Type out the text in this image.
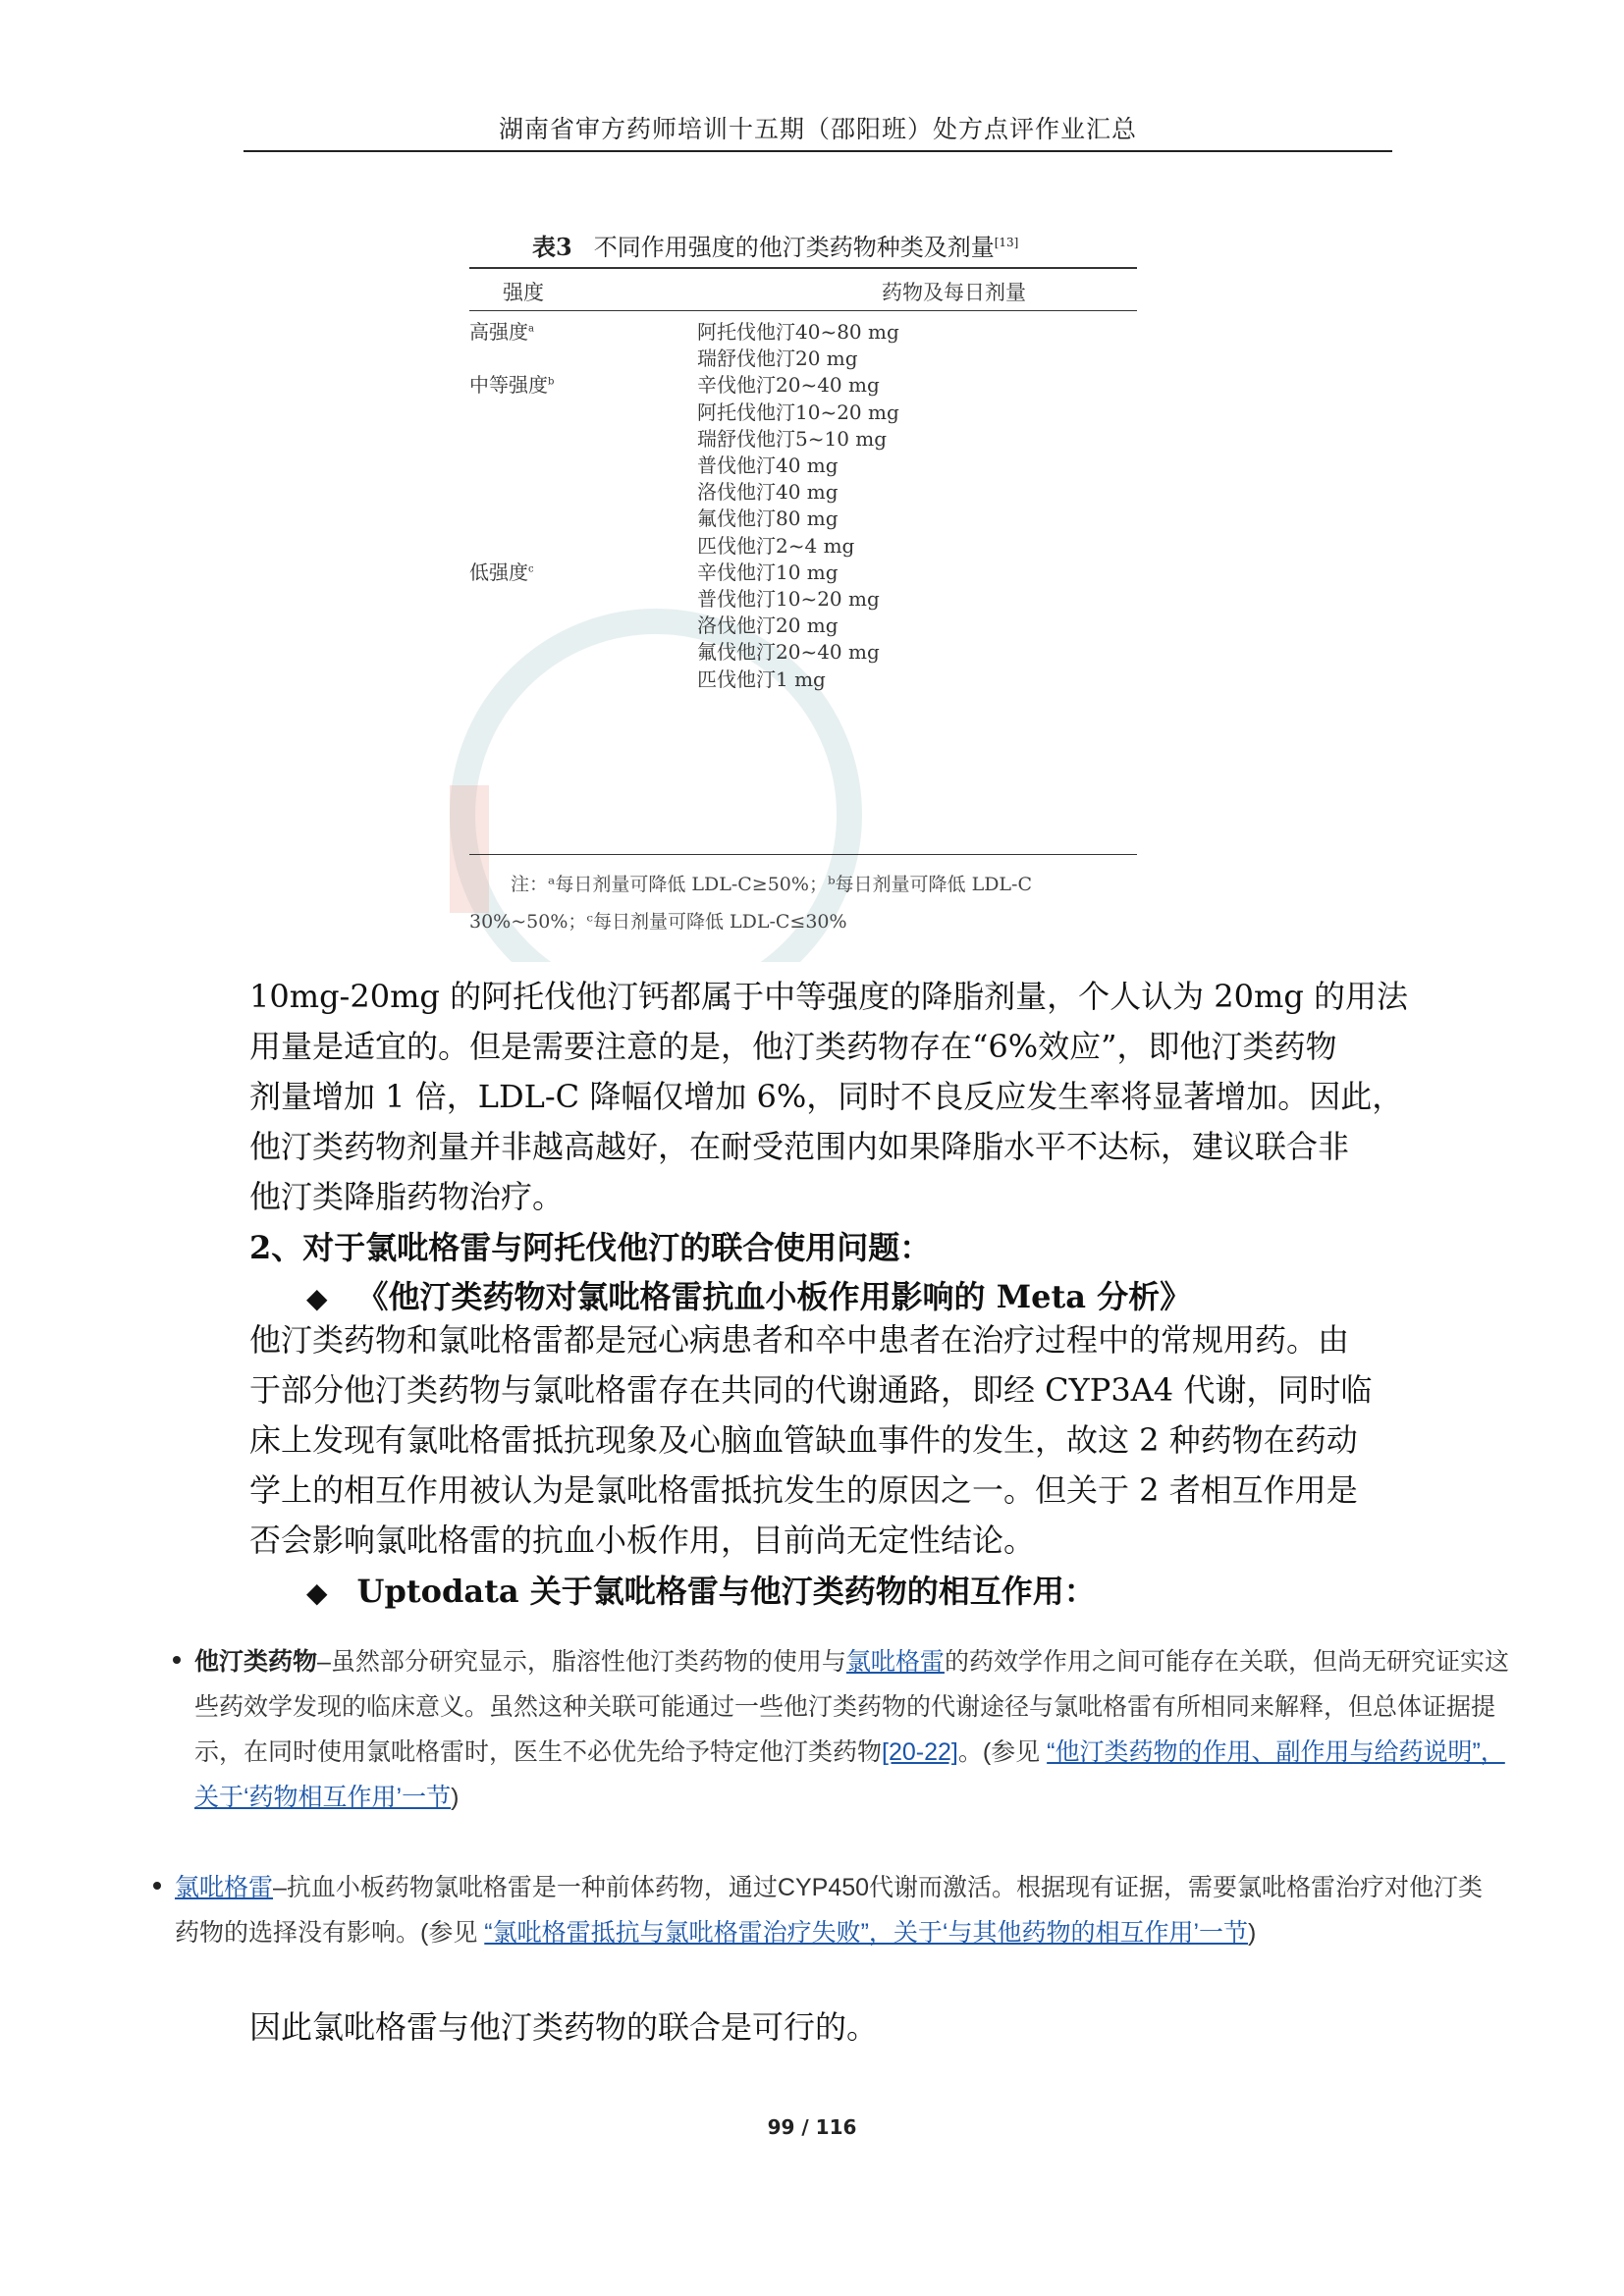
湖南省审方药师培训十五期（邵阳班）处方点评作业汇总
表3 不同作用强度的他汀类药物种类及剂量[13]
强度	药物及每日剂量
高强度$^a$	阿托伐他汀40~80 mg
瑞舒伐他汀20 mg
中等强度$^b$	辛伐他汀20~40 mg
阿托伐他汀10~20 mg
瑞舒伐他汀5~10 mg
普伐他汀40 mg
洛伐他汀40 mg
氟伐他汀80 mg
匹伐他汀2~4 mg
低强度$^c$	辛伐他汀10 mg
普伐他汀10~20 mg
洛伐他汀20 mg
氟伐他汀20~40 mg
匹伐他汀1 mg
注：ᵃ每日剂量可降低 LDL-C≥50%；ᵇ每日剂量可降低 LDL-C
30%~50%；ᶜ每日剂量可降低 LDL-C≤30%
10mg-20mg 的阿托伐他汀钙都属于中等强度的降脂剂量，个人认为 20mg 的用法
用量是适宜的。但是需要注意的是，他汀类药物存在“6%效应”，即他汀类药物
剂量增加 1 倍，LDL-C 降幅仅增加 6%，同时不良反应发生率将显著增加。因此，
他汀类药物剂量并非越高越好，在耐受范围内如果降脂水平不达标，建议联合非
他汀类降脂药物治疗。
2、对于氯吡格雷与阿托伐他汀的联合使用问题：
◆ 《他汀类药物对氯吡格雷抗血小板作用影响的 Meta 分析》
他汀类药物和氯吡格雷都是冠心病患者和卒中患者在治疗过程中的常规用药。由
于部分他汀类药物与氯吡格雷存在共同的代谢通路，即经 CYP3A4 代谢，同时临
床上发现有氯吡格雷抵抗现象及心脑血管缺血事件的发生，故这 2 种药物在药动
学上的相互作用被认为是氯吡格雷抵抗发生的原因之一。但关于 2 者相互作用是
否会影响氯吡格雷的抗血小板作用，目前尚无定性结论。
◆ Uptodata 关于氯吡格雷与他汀类药物的相互作用：
他汀类药物–虽然部分研究显示，脂溶性他汀类药物的使用与氯吡格雷的药效学作用之间可能存在关联，但尚无研究证实这
些药效学发现的临床意义。虽然这种关联可能通过一些他汀类药物的代谢途径与氯吡格雷有所相同来解释，但总体证据提
示，在同时使用氯吡格雷时，医生不必优先给予特定他汀类药物[20-22]。(参见 “他汀类药物的作用、副作用与给药说明”，
关于‘药物相互作用’一节)
氯吡格雷–抗血小板药物氯吡格雷是一种前体药物，通过CYP450代谢而激活。根据现有证据，需要氯吡格雷治疗对他汀类
药物的选择没有影响。(参见 “氯吡格雷抵抗与氯吡格雷治疗失败”，关于‘与其他药物的相互作用’一节)
因此氯吡格雷与他汀类药物的联合是可行的。
99 / 116
